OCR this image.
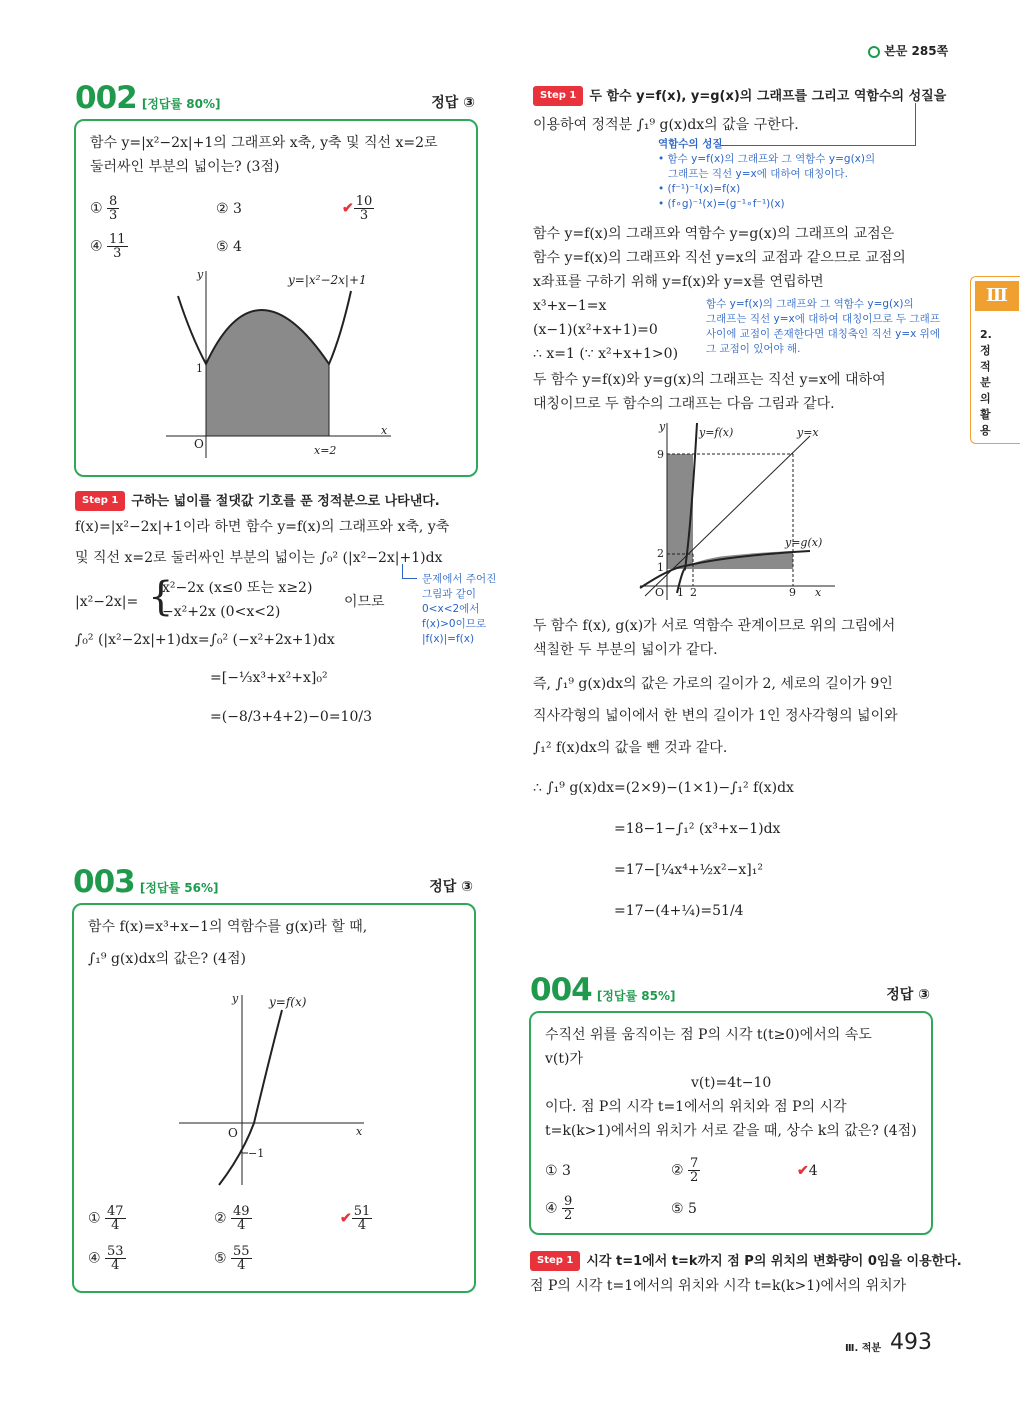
본문 285쪽
Ⅲ
2. 정적분의 활용
002 [정답률 80%]	정답 ③
함수 y=|x²−2x|+1의 그래프와 x축, y축 및 직선 x=2로
둘러싸인 부분의 넓이는? (3점)
① $\frac{8}{3}$	② 3	✔ $\frac{10}{3}$
④ $\frac{11}{3}$	⑤ 4
y=|x²−2x|+1
y
x
O
1
x=2
Step 1 구하는 넓이를 절댓값 기호를 푼 정적분으로 나타낸다.
f(x)=|x²−2x|+1이라 하면 함수 y=f(x)의 그래프와 x축, y축
및 직선 x=2로 둘러싸인 부분의 넓이는 ∫₀² (|x²−2x|+1)dx
문제에서 주어진
그림과 같이
0<x<2에서
f(x)>0이므로
|f(x)|=f(x)
|x²−2x|= {
x²−2x (x≤0 또는 x≥2)
−x²+2x (0<x<2)
이므로
∫₀² (|x²−2x|+1)dx=∫₀² (−x²+2x+1)dx
=[−⅓x³+x²+x]₀²
=(−8/3+4+2)−0=10/3
003 [정답률 56%]	정답 ③
함수 f(x)=x³+x−1의 역함수를 g(x)라 할 때,
∫₁⁹ g(x)dx의 값은? (4점)
y=f(x)
y
x
O
−1
① $\frac{47}{4}$	② $\frac{49}{4}$	✔ $\frac{51}{4}$
④ $\frac{53}{4}$	⑤ $\frac{55}{4}$
Step 1 두 함수 y=f(x), y=g(x)의 그래프를 그리고 역함수의 성질을
이용하여 정적분 ∫₁⁹ g(x)dx의 값을 구한다.
역함수의 성질
• 함수 y=f(x)의 그래프와 그 역함수 y=g(x)의
그래프는 직선 y=x에 대하여 대칭이다.
• (f⁻¹)⁻¹(x)=f(x)
• (f∘g)⁻¹(x)=(g⁻¹∘f⁻¹)(x)
함수 y=f(x)의 그래프와 역함수 y=g(x)의 그래프의 교점은
함수 y=f(x)의 그래프와 직선 y=x의 교점과 같으므로 교점의
x좌표를 구하기 위해 y=f(x)와 y=x를 연립하면
x³+x−1=x
(x−1)(x²+x+1)=0
∴ x=1 (∵ x²+x+1>0)
함수 y=f(x)의 그래프와 그 역함수 y=g(x)의
그래프는 직선 y=x에 대하여 대칭이므로 두 그래프
사이에 교점이 존재한다면 대칭축인 직선 y=x 위에
그 교점이 있어야 해.
두 함수 y=f(x)와 y=g(x)의 그래프는 직선 y=x에 대하여
대칭이므로 두 함수의 그래프는 다음 그림과 같다.
y=f(x)	y=x
y=g(x)
9
2
1
O 1 2	9 x
y
두 함수 f(x), g(x)가 서로 역함수 관계이므로 위의 그림에서
색칠한 두 부분의 넓이가 같다.
즉, ∫₁⁹ g(x)dx의 값은 가로의 길이가 2, 세로의 길이가 9인
직사각형의 넓이에서 한 변의 길이가 1인 정사각형의 넓이와
∫₁² f(x)dx의 값을 뺀 것과 같다.
∴ ∫₁⁹ g(x)dx=(2×9)−(1×1)−∫₁² f(x)dx
=18−1−∫₁² (x³+x−1)dx
=17−[¼x⁴+½x²−x]₁²
=17−(4+¼)=51/4
004 [정답률 85%]	정답 ③
수직선 위를 움직이는 점 P의 시각 t(t≥0)에서의 속도
v(t)가
v(t)=4t−10
이다. 점 P의 시각 t=1에서의 위치와 점 P의 시각
t=k(k>1)에서의 위치가 서로 같을 때, 상수 k의 값은? (4점)
① 3	② $\frac{7}{2}$	✔4
④ $\frac{9}{2}$	⑤ 5
Step 1 시각 t=1에서 t=k까지 점 P의 위치의 변화량이 0임을 이용한다.
점 P의 시각 t=1에서의 위치와 시각 t=k(k>1)에서의 위치가
Ⅲ. 적분 493
